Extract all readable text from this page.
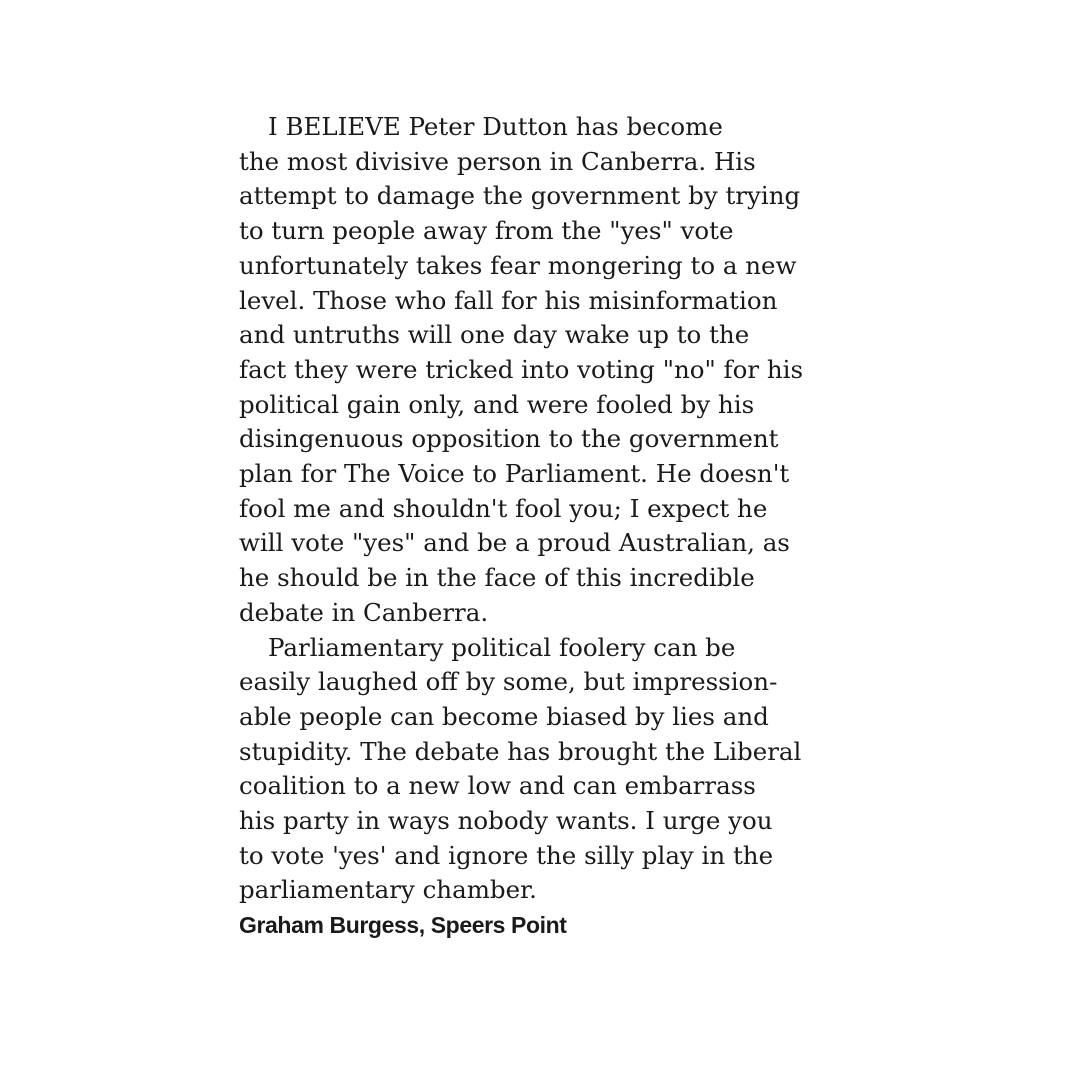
I BELIEVE Peter Dutton has become
the most divisive person in Canberra. His
attempt to damage the government by trying
to turn people away from the "yes" vote
unfortunately takes fear mongering to a new
level. Those who fall for his misinformation
and untruths will one day wake up to the
fact they were tricked into voting "no" for his
political gain only, and were fooled by his
disingenuous opposition to the government
plan for The Voice to Parliament. He doesn't
fool me and shouldn't fool you; I expect he
will vote "yes" and be a proud Australian, as
he should be in the face of this incredible
debate in Canberra.

Parliamentary political foolery can be
easily laughed off by some, but impression-
able people can become biased by lies and
stupidity. The debate has brought the Liberal
coalition to a new low and can embarrass
his party in ways nobody wants. I urge you
to vote 'yes' and ignore the silly play in the
parliamentary chamber.

Graham Burgess, Speers Point
